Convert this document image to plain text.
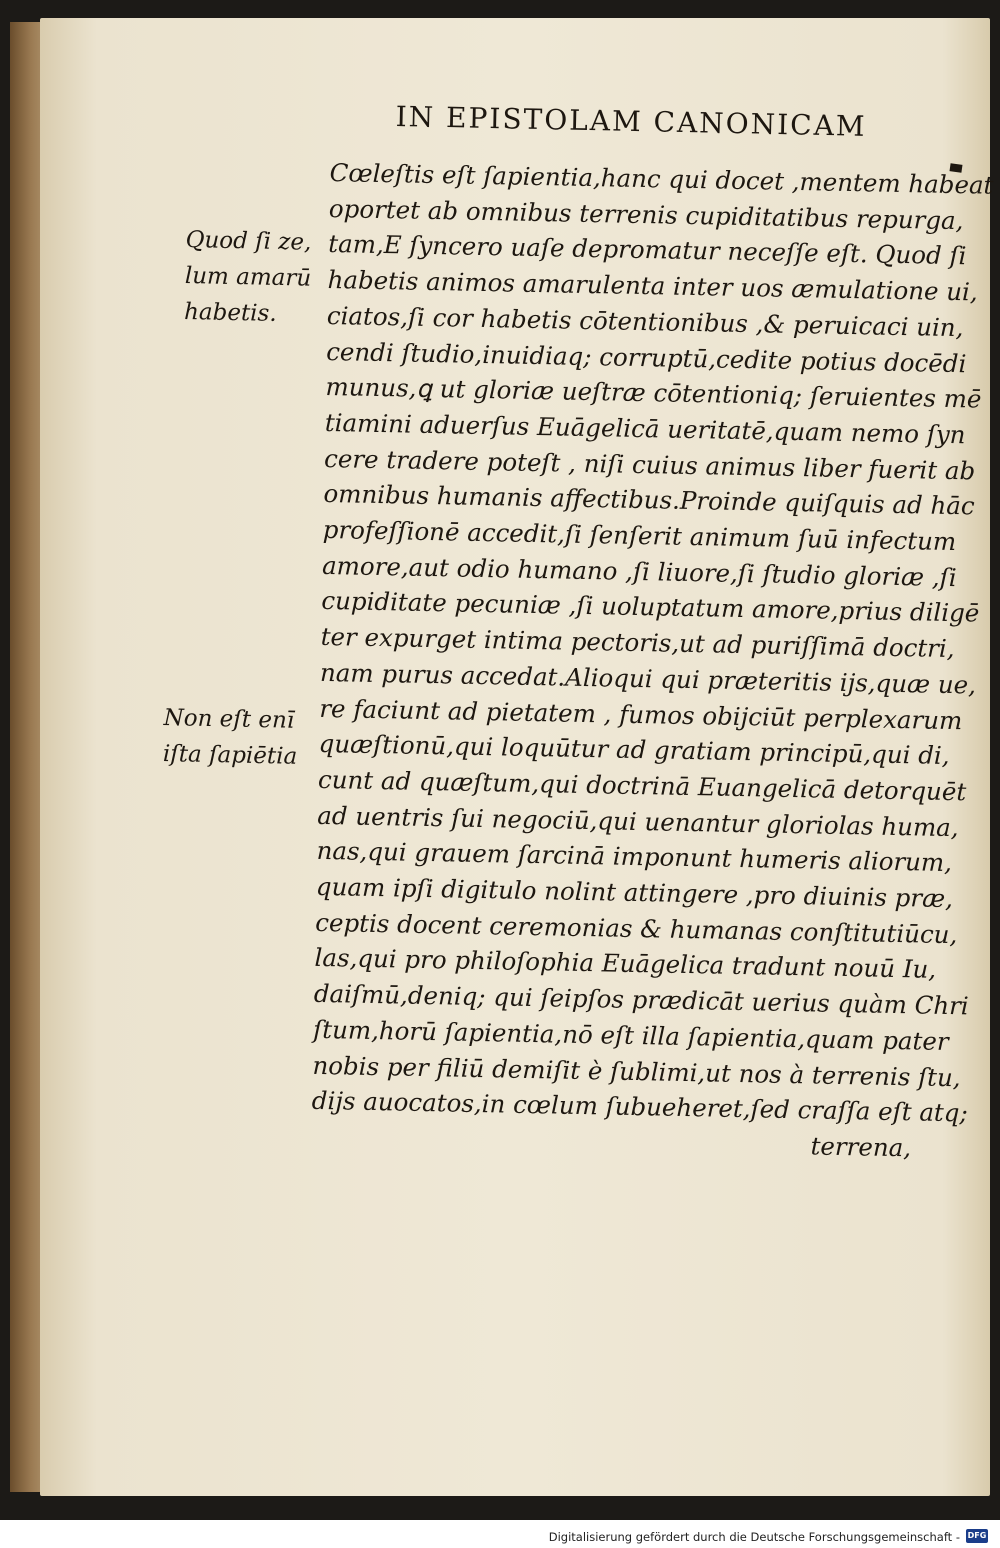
IN EPISTOLAM CANONICAM
Quod ſi ze,
lum amarū
habetis.
Non eſt enī
iſta ſapiētia
Cœleſtis eſt ſapientia,hanc qui docet ,mentem habeat
oportet ab omnibus terrenis cupiditatibus repurga,
tam,E ſyncero uaſe depromatur neceſſe eſt. Quod ſi
habetis animos amarulenta inter uos æmulatione ui,
ciatos,ſi cor habetis cōtentionibus ,& peruicaci uin,
cendi ſtudio,inuidiaq; corruptū,cedite potius docēdi
munus,ꝗ ut gloriæ ueſtræ cōtentioniq; ſeruientes mē
tiamini aduerſus Euāgelicā ueritatē,quam nemo ſyn
cere tradere poteſt , niſi cuius animus liber fuerit ab
omnibus humanis affectibus.Proinde quiſquis ad hāc
profeſſionē accedit,ſi ſenſerit animum ſuū infectum
amore,aut odio humano ,ſi liuore,ſi ſtudio gloriæ ,ſi
cupiditate pecuniæ ,ſi uoluptatum amore,prius diligē
ter expurget intima pectoris,ut ad puriſſimā doctri,
nam purus accedat.Alioqui qui præteritis ijs,quæ ue,
re faciunt ad pietatem , fumos obijciūt perplexarum
quæſtionū,qui loquūtur ad gratiam principū,qui di,
cunt ad quæſtum,qui doctrinā Euangelicā detorquēt
ad uentris ſui negociū,qui uenantur gloriolas huma,
nas,qui grauem ſarcinā imponunt humeris aliorum,
quam ipſi digitulo nolint attingere ,pro diuinis præ,
ceptis docent ceremonias & humanas conſtitutiūcu,
las,qui pro philoſophia Euāgelica tradunt nouū Iu,
daiſmū,deniq; qui ſeipſos prædicāt uerius quàm Chri
ſtum,horū ſapientia,nō eſt illa ſapientia,quam pater
nobis per filiū demiſit è ſublimi,ut nos à terrenis ſtu,
dijs auocatos,in cœlum ſubueheret,ſed craſſa eſt atq;
terrena,
Digitalisierung gefördert durch die Deutsche Forschungsgemeinschaft - DFG
